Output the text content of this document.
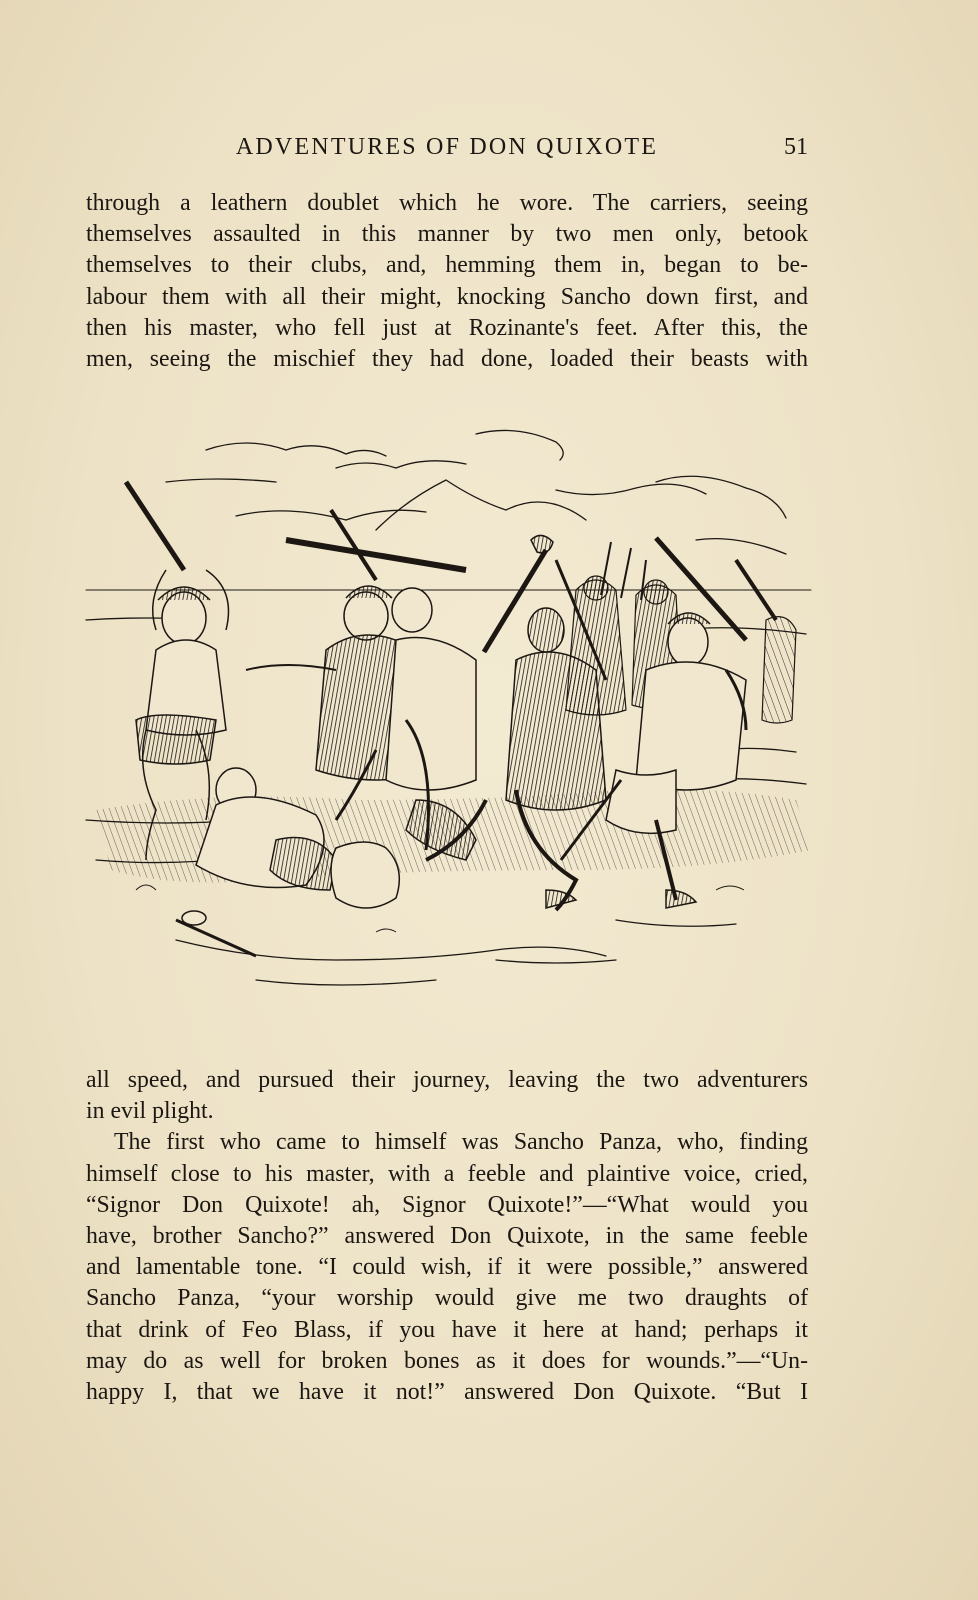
ADVENTURES OF DON QUIXOTE	51
through a leathern doublet which he wore. The carriers, seeing
themselves assaulted in this manner by two men only, betook
themselves to their clubs, and, hemming them in, began to be-
labour them with all their might, knocking Sancho down first, and
then his master, who fell just at Rozinante's feet. After this, the
men, seeing the mischief they had done, loaded their beasts with
all speed, and pursued their journey, leaving the two adventurers
in evil plight.
The first who came to himself was Sancho Panza, who, finding
himself close to his master, with a feeble and plaintive voice, cried,
“Signor Don Quixote! ah, Signor Quixote!”—“What would you
have, brother Sancho?” answered Don Quixote, in the same feeble
and lamentable tone. “I could wish, if it were possible,” answered
Sancho Panza, “your worship would give me two draughts of
that drink of Feo Blass, if you have it here at hand; perhaps it
may do as well for broken bones as it does for wounds.”—“Un-
happy I, that we have it not!” answered Don Quixote. “But I
